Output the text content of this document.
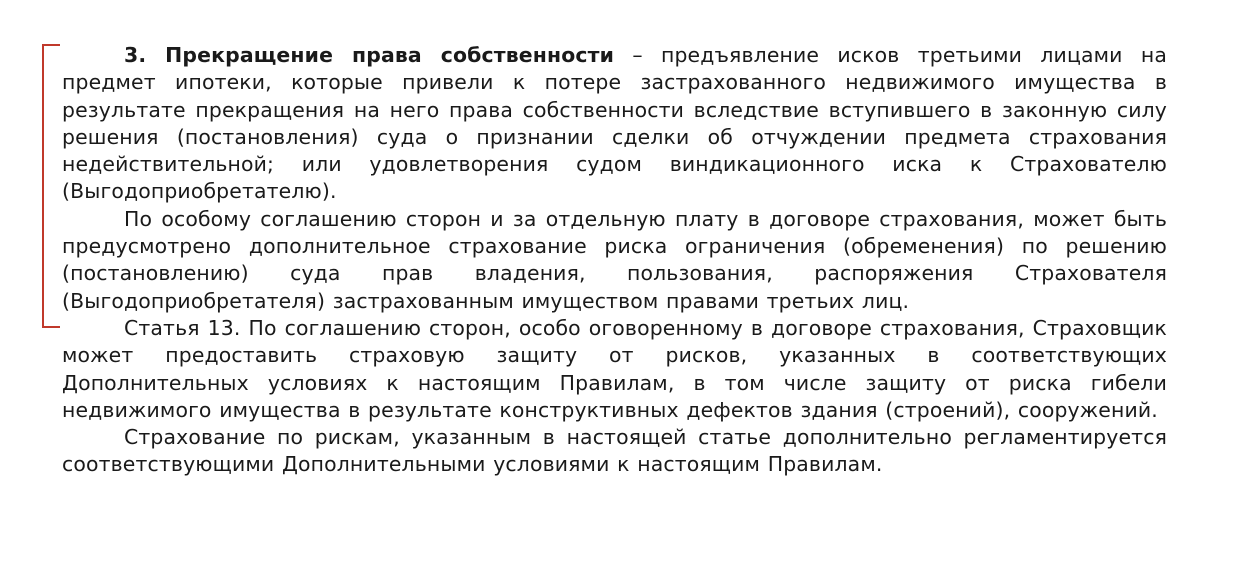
3. Прекращение права собственности – предъявление исков третьими лицами на предмет ипотеки, которые привели к потере застрахованного недвижимого имущества в результате прекращения на него права собственности вследствие вступившего в законную силу решения (постановления) суда о признании сделки об отчуждении предмета страхования недействительной; или удовлетворения судом виндикационного иска к Страхователю (Выгодоприобретателю).

По особому соглашению сторон и за отдельную плату в договоре страхования, может быть предусмотрено дополнительное страхование риска ограничения (обременения) по решению (постановлению) суда прав владения, пользования, распоряжения Страхователя (Выгодоприобретателя) застрахованным имуществом правами третьих лиц.

Статья 13. По соглашению сторон, особо оговоренному в договоре страхования, Страховщик может предоставить страховую защиту от рисков, указанных в соответствующих Дополнительных условиях к настоящим Правилам, в том числе защиту от риска гибели недвижимого имущества в результате конструктивных дефектов здания (строений), сооружений.

Страхование по рискам, указанным в настоящей статье дополнительно регламентируется соответствующими Дополнительными условиями к настоящим Правилам.
